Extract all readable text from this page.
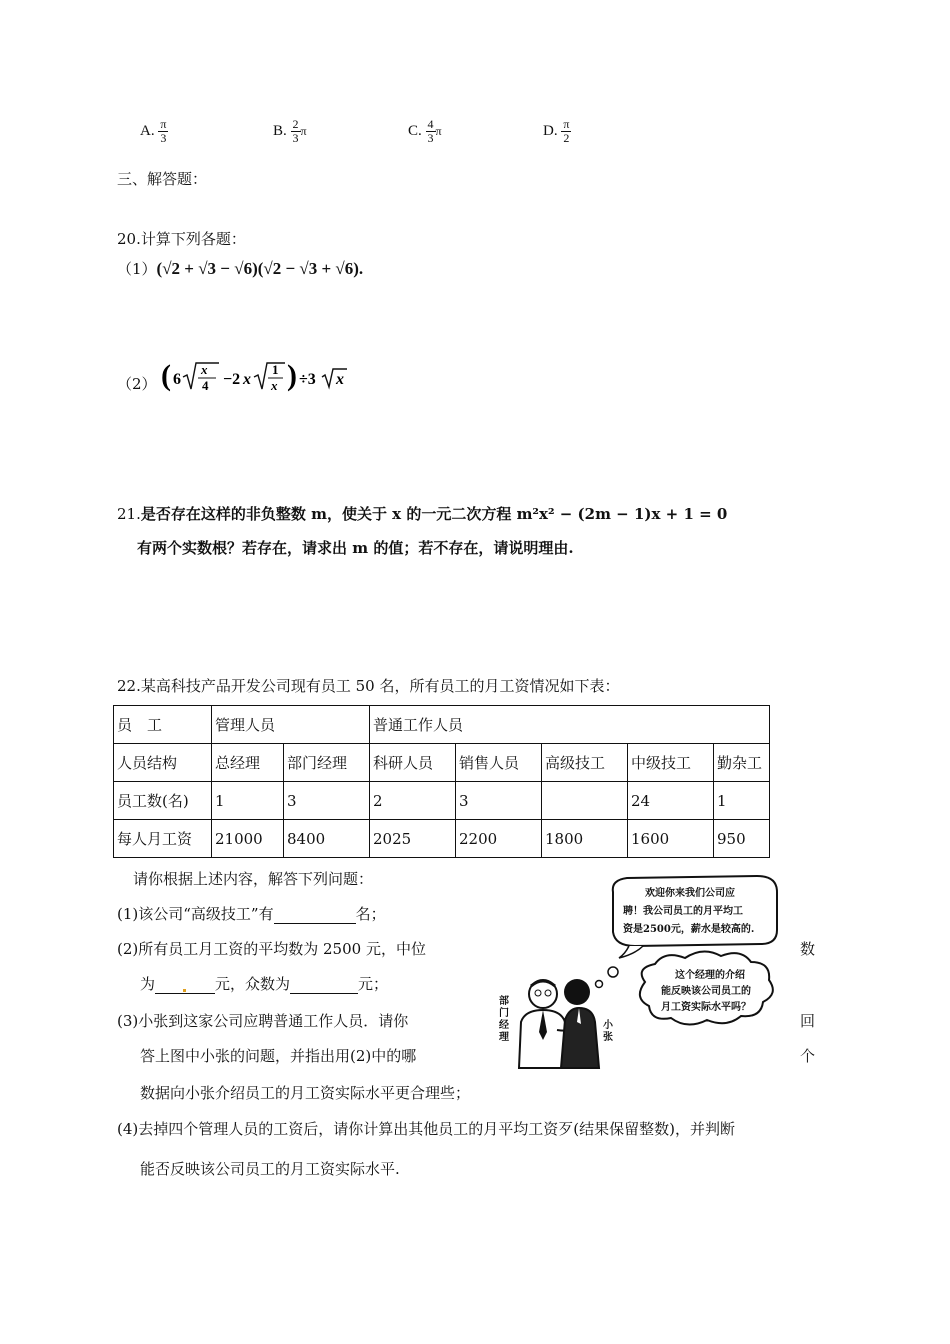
A. $\frac{\pi}{3}$	B. $\frac{2}{3}$ π	C. $\frac{4}{3}$ π	D. $\frac{\pi}{2}$
三、解答题：
20.计算下列各题：
（1）(√2 + √3 − √6)(√2 − √3 + √6).
（2） ( 6
x
4 −2 x
1
x ) ÷3 x
21.是否存在这样的非负整数 m，使关于 x 的一元二次方程 m²x² − (2m − 1)x + 1 = 0
有两个实数根？若存在，请求出 m 的值；若不存在，请说明理由.
22.某高科技产品开发公司现有员工 50 名，所有员工的月工资情况如下表：
员　工	管理人员		普通工作人员				
人员结构	总经理	部门经理	科研人员	销售人员	高级技工	中级技工	勤杂工
员工数(名)	1	3	2	3		24	1
每人月工资	21000	8400	2025	2200	1800	1600	950
请你根据上述内容，解答下列问题：
(1)该公司“高级技工”有	名；
(2)所有员工月工资的平均数为 2500 元，中位	数
为	元，众数为	元；
(3)小张到这家公司应聘普通工作人员．请你	回
答上图中小张的问题，并指出用(2)中的哪	个
数据向小张介绍员工的月工资实际水平更合理些；
(4)去掉四个管理人员的工资后，请你计算出其他员工的月平均工资歹(结果保留整数)，并判断
能否反映该公司员工的月工资实际水平.
欢迎你来我们公司应
聘！我公司员工的月平均工
资是2500元，薪水是较高的.
这个经理的介绍
能反映该公司员工的
月工资实际水平吗？
部门经理
小张
